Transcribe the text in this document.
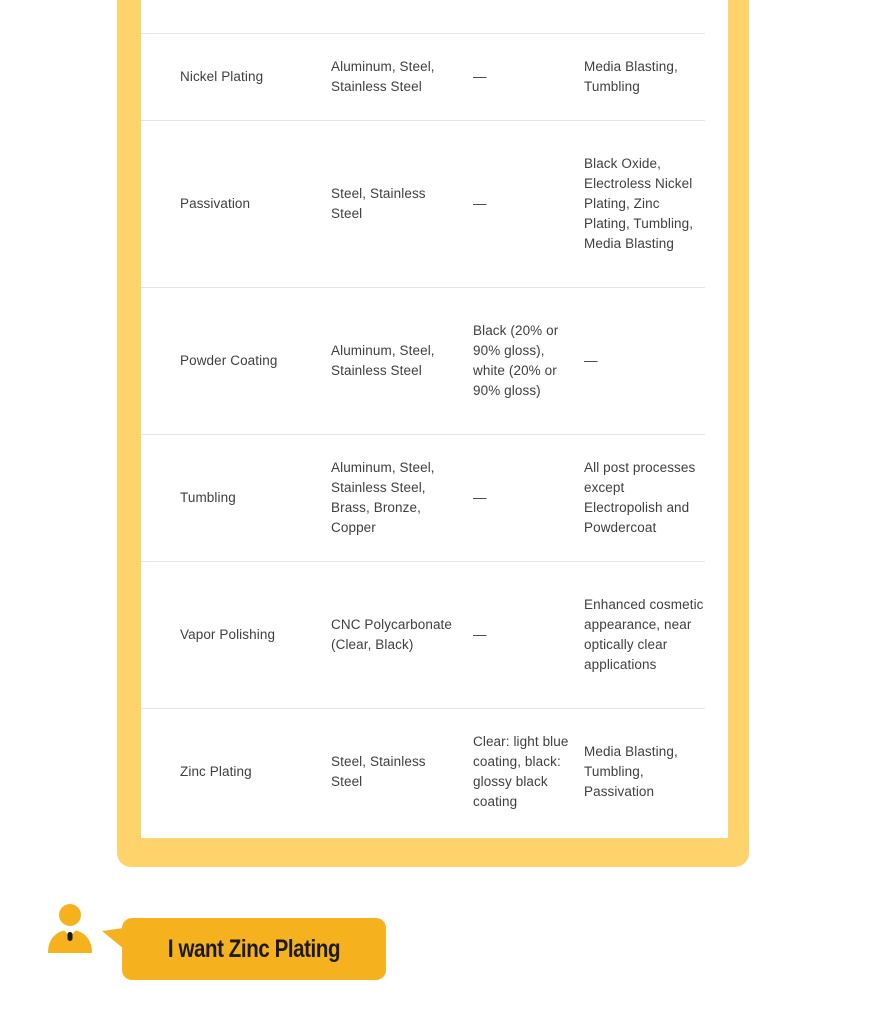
Nickel Plating
Aluminum, Steel, Stainless Steel
—
Media Blasting, Tumbling
Passivation
Steel, Stainless Steel
—
Black Oxide, Electroless Nickel Plating, Zinc Plating, Tumbling, Media Blasting
Powder Coating
Aluminum, Steel, Stainless Steel
Black (20% or 90% gloss), white (20% or 90% gloss)
—
Tumbling
Aluminum, Steel, Stainless Steel, Brass, Bronze, Copper
—
All post processes except Electropolish and Powdercoat
Vapor Polishing
CNC Polycarbonate (Clear, Black)
—
Enhanced cosmetic appearance, near optically clear applications
Zinc Plating
Steel, Stainless Steel
Clear: light blue coating, black: glossy black coating
Media Blasting, Tumbling, Passivation
I want Zinc Plating
